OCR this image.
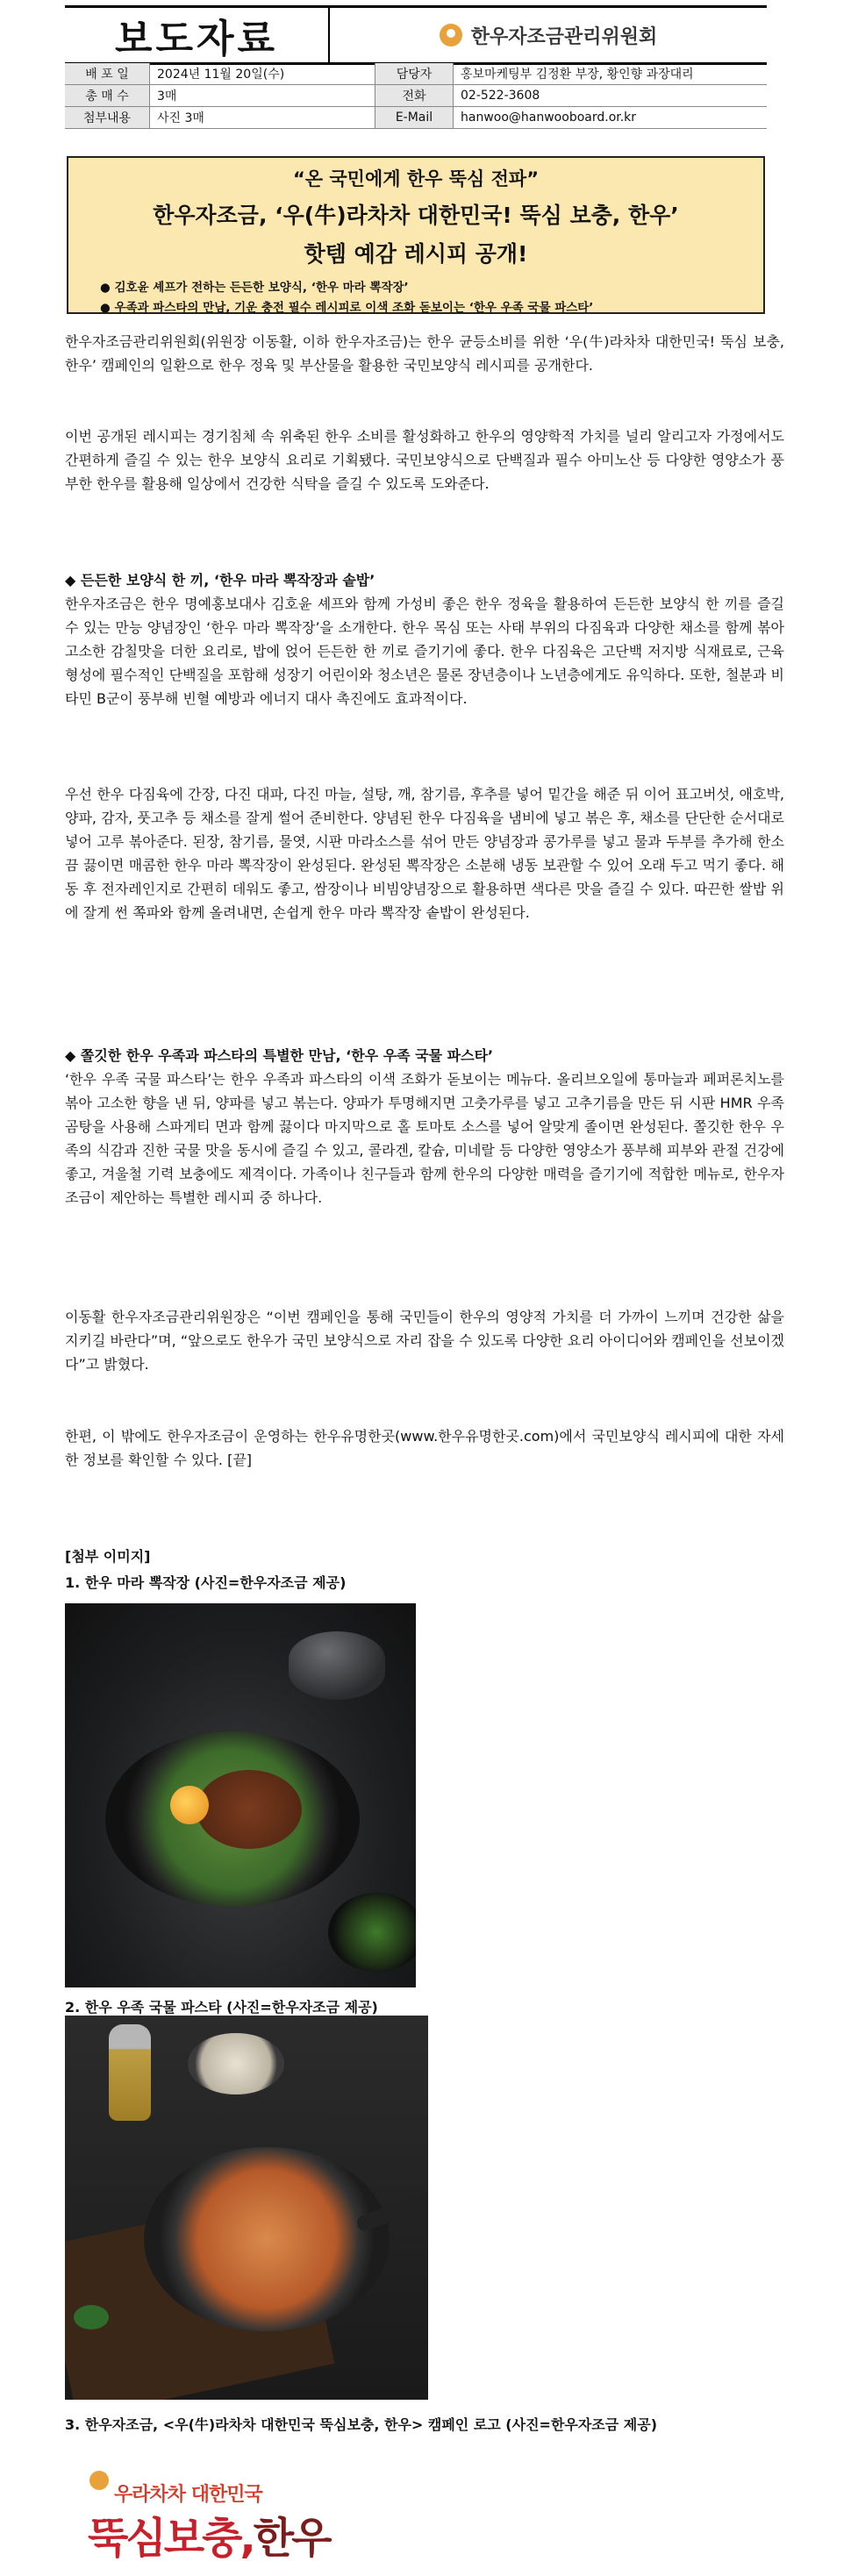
보도자료	한우자조금관리위원회
배 포 일	2024년 11월 20일(수)	담당자	홍보마케팅부 김정환 부장, 황인향 과장대리
총 매 수	3매	전화	02-522-3608
첨부내용	사진 3매	E-Mail	hanwoo@hanwooboard.or.kr
“온 국민에게 한우 뚝심 전파”
한우자조금, ‘우(牛)라차차 대한민국! 뚝심 보충, 한우’
핫템 예감 레시피 공개!
● 김호윤 셰프가 전하는 든든한 보양식, ‘한우 마라 뽁작장’
● 우족과 파스타의 만남, 기운 충전 필수 레시피로 이색 조화 돋보이는 ‘한우 우족 국물 파스타’
한우자조금관리위원회(위원장 이동활, 이하 한우자조금)는 한우 균등소비를 위한 ‘우(牛)라차차 대한민국! 뚝심 보충, 한우’ 캠페인의 일환으로 한우 정육 및 부산물을 활용한 국민보양식 레시피를 공개한다.
이번 공개된 레시피는 경기침체 속 위축된 한우 소비를 활성화하고 한우의 영양학적 가치를 널리 알리고자 가정에서도 간편하게 즐길 수 있는 한우 보양식 요리로 기획됐다. 국민보양식으로 단백질과 필수 아미노산 등 다양한 영양소가 풍부한 한우를 활용해 일상에서 건강한 식탁을 즐길 수 있도록 도와준다.
◆ 든든한 보양식 한 끼, ‘한우 마라 뽁작장과 솥밥’
한우자조금은 한우 명예홍보대사 김호윤 셰프와 함께 가성비 좋은 한우 정육을 활용하여 든든한 보양식 한 끼를 즐길 수 있는 만능 양념장인 ‘한우 마라 뽁작장’을 소개한다. 한우 목심 또는 사태 부위의 다짐육과 다양한 채소를 함께 볶아 고소한 감칠맛을 더한 요리로, 밥에 얹어 든든한 한 끼로 즐기기에 좋다. 한우 다짐육은 고단백 저지방 식재료로, 근육 형성에 필수적인 단백질을 포함해 성장기 어린이와 청소년은 물론 장년층이나 노년층에게도 유익하다. 또한, 철분과 비타민 B군이 풍부해 빈혈 예방과 에너지 대사 촉진에도 효과적이다.
우선 한우 다짐육에 간장, 다진 대파, 다진 마늘, 설탕, 깨, 참기름, 후추를 넣어 밑간을 해준 뒤 이어 표고버섯, 애호박, 양파, 감자, 풋고추 등 채소를 잘게 썰어 준비한다. 양념된 한우 다짐육을 냄비에 넣고 볶은 후, 채소를 단단한 순서대로 넣어 고루 볶아준다. 된장, 참기름, 물엿, 시판 마라소스를 섞어 만든 양념장과 콩가루를 넣고 물과 두부를 추가해 한소끔 끓이면 매콤한 한우 마라 뽁작장이 완성된다. 완성된 뽁작장은 소분해 냉동 보관할 수 있어 오래 두고 먹기 좋다. 해동 후 전자레인지로 간편히 데워도 좋고, 쌈장이나 비빔양념장으로 활용하면 색다른 맛을 즐길 수 있다. 따끈한 쌀밥 위에 잘게 썬 쪽파와 함께 올려내면, 손쉽게 한우 마라 뽁작장 솥밥이 완성된다.
◆ 쫄깃한 한우 우족과 파스타의 특별한 만남, ‘한우 우족 국물 파스타’
‘한우 우족 국물 파스타’는 한우 우족과 파스타의 이색 조화가 돋보이는 메뉴다. 올리브오일에 통마늘과 페퍼론치노를 볶아 고소한 향을 낸 뒤, 양파를 넣고 볶는다. 양파가 투명해지면 고춧가루를 넣고 고추기름을 만든 뒤 시판 HMR 우족 곰탕을 사용해 스파게티 면과 함께 끓이다 마지막으로 홀 토마토 소스를 넣어 알맞게 졸이면 완성된다. 쫄깃한 한우 우족의 식감과 진한 국물 맛을 동시에 즐길 수 있고, 콜라겐, 칼슘, 미네랄 등 다양한 영양소가 풍부해 피부와 관절 건강에 좋고, 겨울철 기력 보충에도 제격이다. 가족이나 친구들과 함께 한우의 다양한 매력을 즐기기에 적합한 메뉴로, 한우자조금이 제안하는 특별한 레시피 중 하나다.
이동활 한우자조금관리위원장은 “이번 캠페인을 통해 국민들이 한우의 영양적 가치를 더 가까이 느끼며 건강한 삶을 지키길 바란다”며, “앞으로도 한우가 국민 보양식으로 자리 잡을 수 있도록 다양한 요리 아이디어와 캠페인을 선보이겠다”고 밝혔다.
한편, 이 밖에도 한우자조금이 운영하는 한우유명한곳(www.한우유명한곳.com)에서 국민보양식 레시피에 대한 자세한 정보를 확인할 수 있다. [끝]
[첨부 이미지]
1. 한우 마라 뽁작장 (사진=한우자조금 제공)
2. 한우 우족 국물 파스타 (사진=한우자조금 제공)
3. 한우자조금, <우(牛)라차차 대한민국 뚝심보충, 한우> 캠페인 로고 (사진=한우자조금 제공)
우라차차 대한민국
뚝심보충,한우
